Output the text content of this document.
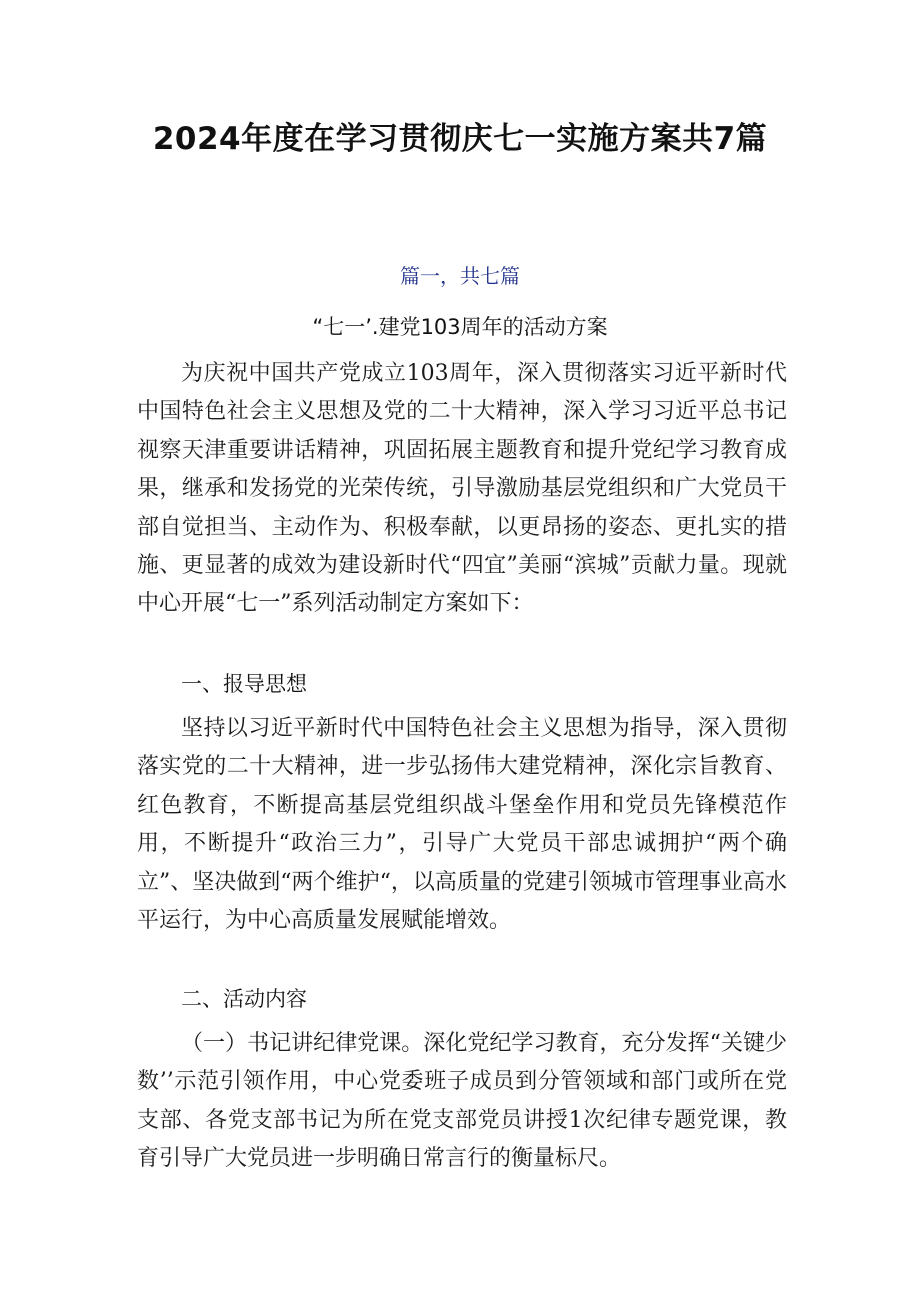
2024年度在学习贯彻庆七一实施方案共7篇
篇一，共七篇
“七一’.建党103周年的活动方案

为庆祝中国共产党成立103周年，深入贯彻落实习近平新时代中国特色社会主义思想及党的二十大精神，深入学习习近平总书记视察天津重要讲话精神，巩固拓展主题教育和提升党纪学习教育成果，继承和发扬党的光荣传统，引导激励基层党组织和广大党员干部自觉担当、主动作为、积极奉献，以更昂扬的姿态、更扎实的措施、更显著的成效为建设新时代“四宜”美丽“滨城”贡献力量。现就中心开展“七一”系列活动制定方案如下：

一、报导思想

坚持以习近平新时代中国特色社会主义思想为指导，深入贯彻落实党的二十大精神，进一步弘扬伟大建党精神，深化宗旨教育、红色教育，不断提高基层党组织战斗堡垒作用和党员先锋模范作用，不断提升“政治三力”，引导广大党员干部忠诚拥护“两个确立”、坚决做到“两个维护“，以高质量的党建引领城市管理事业高水平运行，为中心高质量发展赋能增效。

二、活动内容

（一）书记讲纪律党课。深化党纪学习教育，充分发挥“关键少数’’示范引领作用，中心党委班子成员到分管领域和部门或所在党支部、各党支部书记为所在党支部党员讲授1次纪律专题党课，教育引导广大党员进一步明确日常言行的衡量标尺。
